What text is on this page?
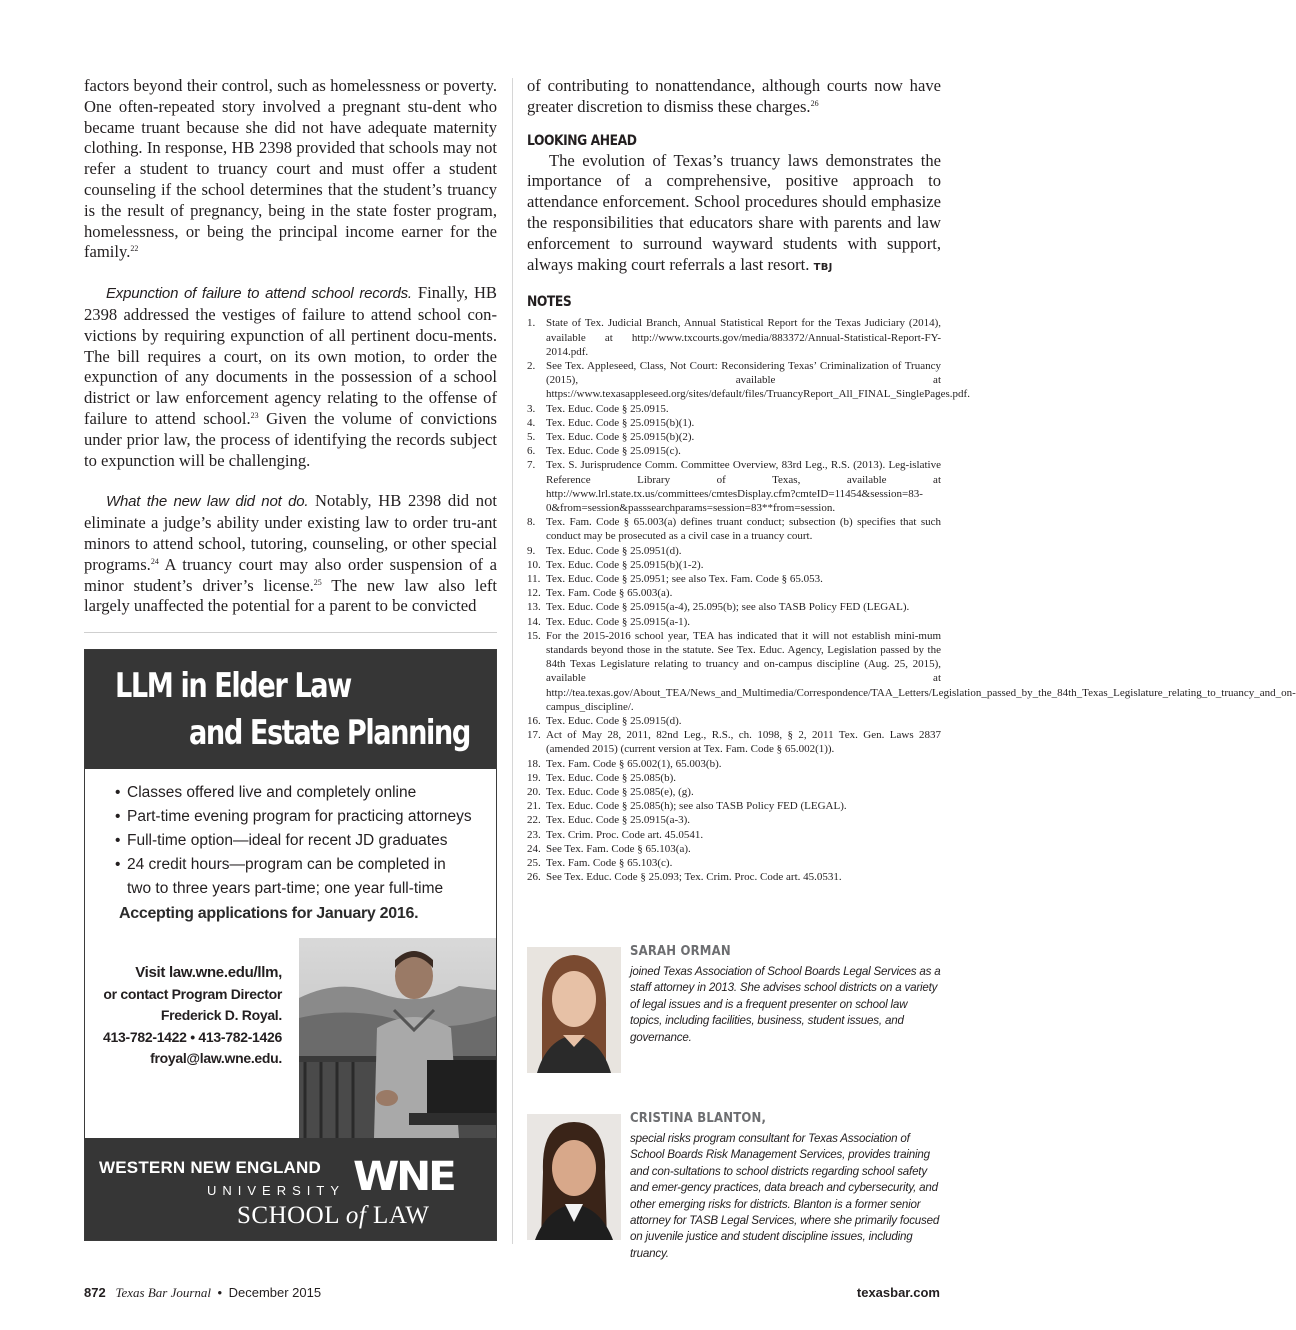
factors beyond their control, such as homelessness or poverty. One often-repeated story involved a pregnant stu-dent who became truant because she did not have adequate maternity clothing. In response, HB 2398 provided that schools may not refer a student to truancy court and must offer a student counseling if the school determines that the student’s truancy is the result of pregnancy, being in the state foster program, homelessness, or being the principal income earner for the family.$^{22}$

Expunction of failure to attend school records. Finally, HB 2398 addressed the vestiges of failure to attend school con-victions by requiring expunction of all pertinent docu-ments. The bill requires a court, on its own motion, to order the expunction of any documents in the possession of a school district or law enforcement agency relating to the offense of failure to attend school.$^{23}$ Given the volume of convictions under prior law, the process of identifying the records subject to expunction will be challenging.

What the new law did not do. Notably, HB 2398 did not eliminate a judge’s ability under existing law to order tru-ant minors to attend school, tutoring, counseling, or other special programs.$^{24}$ A truancy court may also order suspension of a minor student’s driver’s license.$^{25}$ The new law also left largely unaffected the potential for a parent to be convicted

LLM in Elder Law
and Estate Planning
• Classes offered live and completely online
• Part-time evening program for practicing attorneys
• Full-time option—ideal for recent JD graduates
• 24 credit hours—program can be completed in
two to three years part-time; one year full-time
Accepting applications for January 2016.
Visit law.wne.edu/llm,
or contact Program Director
Frederick D. Royal.
413-782-1422 • 413-782-1426
froyal@law.wne.edu.
WESTERN NEW ENGLAND
UNIVERSITY
SCHOOL of LAW
WNE
of contributing to nonattendance, although courts now have greater discretion to dismiss these charges.$^{26}$
LOOKING AHEAD
The evolution of Texas’s truancy laws demonstrates the importance of a comprehensive, positive approach to attendance enforcement. School procedures should emphasize the responsibilities that educators share with parents and law enforcement to surround wayward students with support, always making court referrals a last resort. TBJ
NOTES
1. State of Tex. Judicial Branch, Annual Statistical Report for the Texas Judiciary (2014), available at http://www.txcourts.gov/media/883372/Annual-Statistical-Report-FY-2014.pdf.
2. See Tex. Appleseed, Class, Not Court: Reconsidering Texas’ Criminalization of Truancy (2015), available at https://www.texasappleseed.org/sites/default/files/TruancyReport_All_FINAL_SinglePages.pdf.
3. Tex. Educ. Code § 25.0915.
4. Tex. Educ. Code § 25.0915(b)(1).
5. Tex. Educ. Code § 25.0915(b)(2).
6. Tex. Educ. Code § 25.0915(c).
7. Tex. S. Jurisprudence Comm. Committee Overview, 83rd Leg., R.S. (2013). Leg-islative Reference Library of Texas, available at http://www.lrl.state.tx.us/committees/cmtesDisplay.cfm?cmteID=11454&session=83-0&from=session&passsearchparams=session=83**from=session.
8. Tex. Fam. Code § 65.003(a) defines truant conduct; subsection (b) specifies that such conduct may be prosecuted as a civil case in a truancy court.
9. Tex. Educ. Code § 25.0951(d).
10. Tex. Educ. Code § 25.0915(b)(1-2).
11. Tex. Educ. Code § 25.0951; see also Tex. Fam. Code § 65.053.
12. Tex. Fam. Code § 65.003(a).
13. Tex. Educ. Code § 25.0915(a-4), 25.095(b); see also TASB Policy FED (LEGAL).
14. Tex. Educ. Code § 25.0915(a-1).
15. For the 2015-2016 school year, TEA has indicated that it will not establish mini-mum standards beyond those in the statute. See Tex. Educ. Agency, Legislation passed by the 84th Texas Legislature relating to truancy and on-campus discipline (Aug. 25, 2015), available at http://tea.texas.gov/About_TEA/News_and_Multimedia/Correspondence/TAA_Letters/Legislation_passed_by_the_84th_Texas_Legislature_relating_to_truancy_and_on-campus_discipline/.
16. Tex. Educ. Code § 25.0915(d).
17. Act of May 28, 2011, 82nd Leg., R.S., ch. 1098, § 2, 2011 Tex. Gen. Laws 2837 (amended 2015) (current version at Tex. Fam. Code § 65.002(1)).
18. Tex. Fam. Code § 65.002(1), 65.003(b).
19. Tex. Educ. Code § 25.085(b).
20. Tex. Educ. Code § 25.085(e), (g).
21. Tex. Educ. Code § 25.085(h); see also TASB Policy FED (LEGAL).
22. Tex. Educ. Code § 25.0915(a-3).
23. Tex. Crim. Proc. Code art. 45.0541.
24. See Tex. Fam. Code § 65.103(a).
25. Tex. Fam. Code § 65.103(c).
26. See Tex. Educ. Code § 25.093; Tex. Crim. Proc. Code art. 45.0531.
SARAH ORMAN
joined Texas Association of School Boards Legal Services as a staff attorney in 2013. She advises school districts on a variety of legal issues and is a frequent presenter on school law topics, including facilities, business, student issues, and governance.
CRISTINA BLANTON,
special risks program consultant for Texas Association of School Boards Risk Management Services, provides training and con-sultations to school districts regarding school safety and emer-gency practices, data breach and cybersecurity, and other emerging risks for districts. Blanton is a former senior attorney for TASB Legal Services, where she primarily focused on juvenile justice and student discipline issues, including truancy.
872 Texas Bar Journal • December 2015	texasbar.com
